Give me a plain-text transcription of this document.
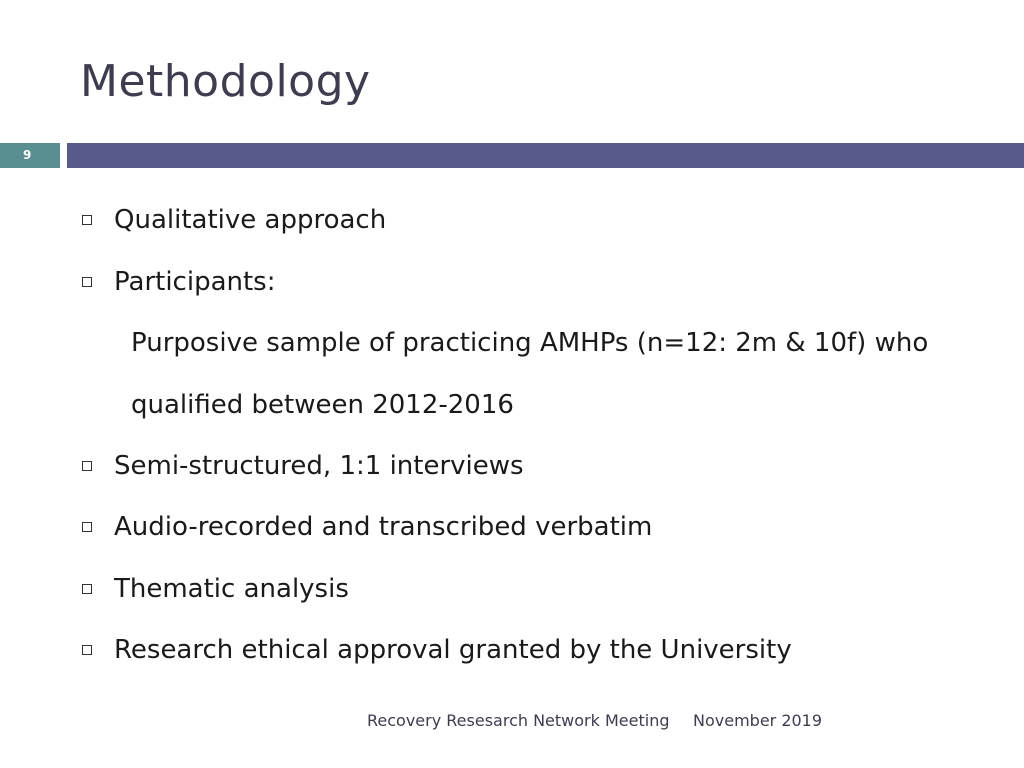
Methodology
9
Qualitative approach
Participants:
Purposive sample of practicing AMHPs (n=12: 2m & 10f) who
qualified between 2012-2016
Semi-structured, 1:1 interviews
Audio-recorded and transcribed verbatim
Thematic analysis
Research ethical approval granted by the University
Recovery Resesarch Network Meeting November 2019
